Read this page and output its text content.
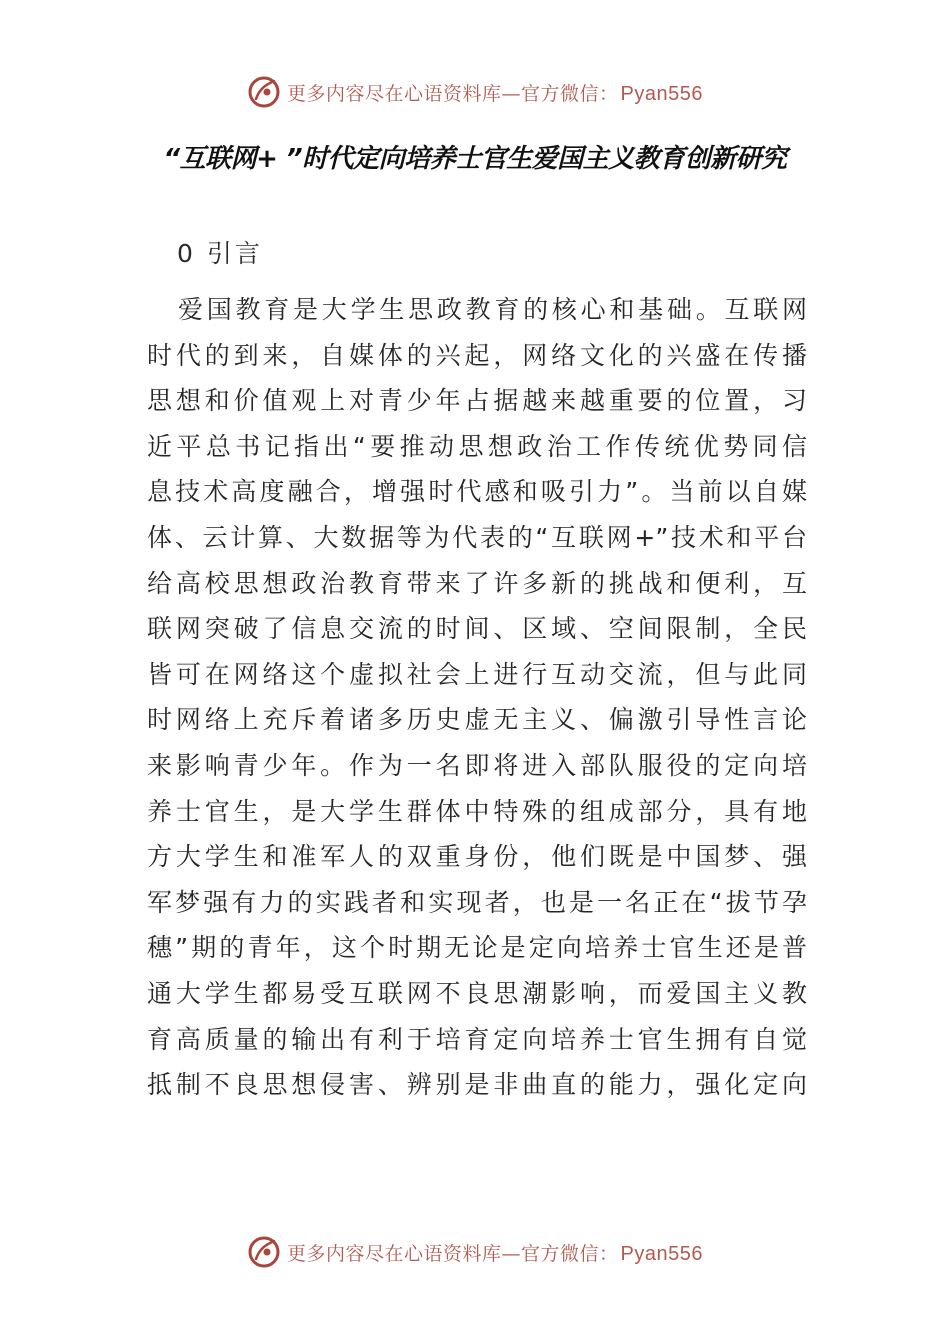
更多内容尽在心语资料库—官方微信： Pyan556
“互联网+ ”时代定向培养士官生爱国主义教育创新研究
0 引言
爱国教育是大学生思政教育的核心和基础。互联网
时代的到来，自媒体的兴起，网络文化的兴盛在传播
思想和价值观上对青少年占据越来越重要的位置，习
近平总书记指出“要推动思想政治工作传统优势同信
息技术高度融合，增强时代感和吸引力”。当前以自媒
体、云计算、大数据等为代表的“互联网+”技术和平台
给高校思想政治教育带来了许多新的挑战和便利，互
联网突破了信息交流的时间、区域、空间限制，全民
皆可在网络这个虚拟社会上进行互动交流，但与此同
时网络上充斥着诸多历史虚无主义、偏激引导性言论
来影响青少年。作为一名即将进入部队服役的定向培
养士官生，是大学生群体中特殊的组成部分，具有地
方大学生和准军人的双重身份，他们既是中国梦、强
军梦强有力的实践者和实现者，也是一名正在“拔节孕
穗”期的青年，这个时期无论是定向培养士官生还是普
通大学生都易受互联网不良思潮影响，而爱国主义教
育高质量的输出有利于培育定向培养士官生拥有自觉
抵制不良思想侵害、辨别是非曲直的能力，强化定向
更多内容尽在心语资料库—官方微信： Pyan556
